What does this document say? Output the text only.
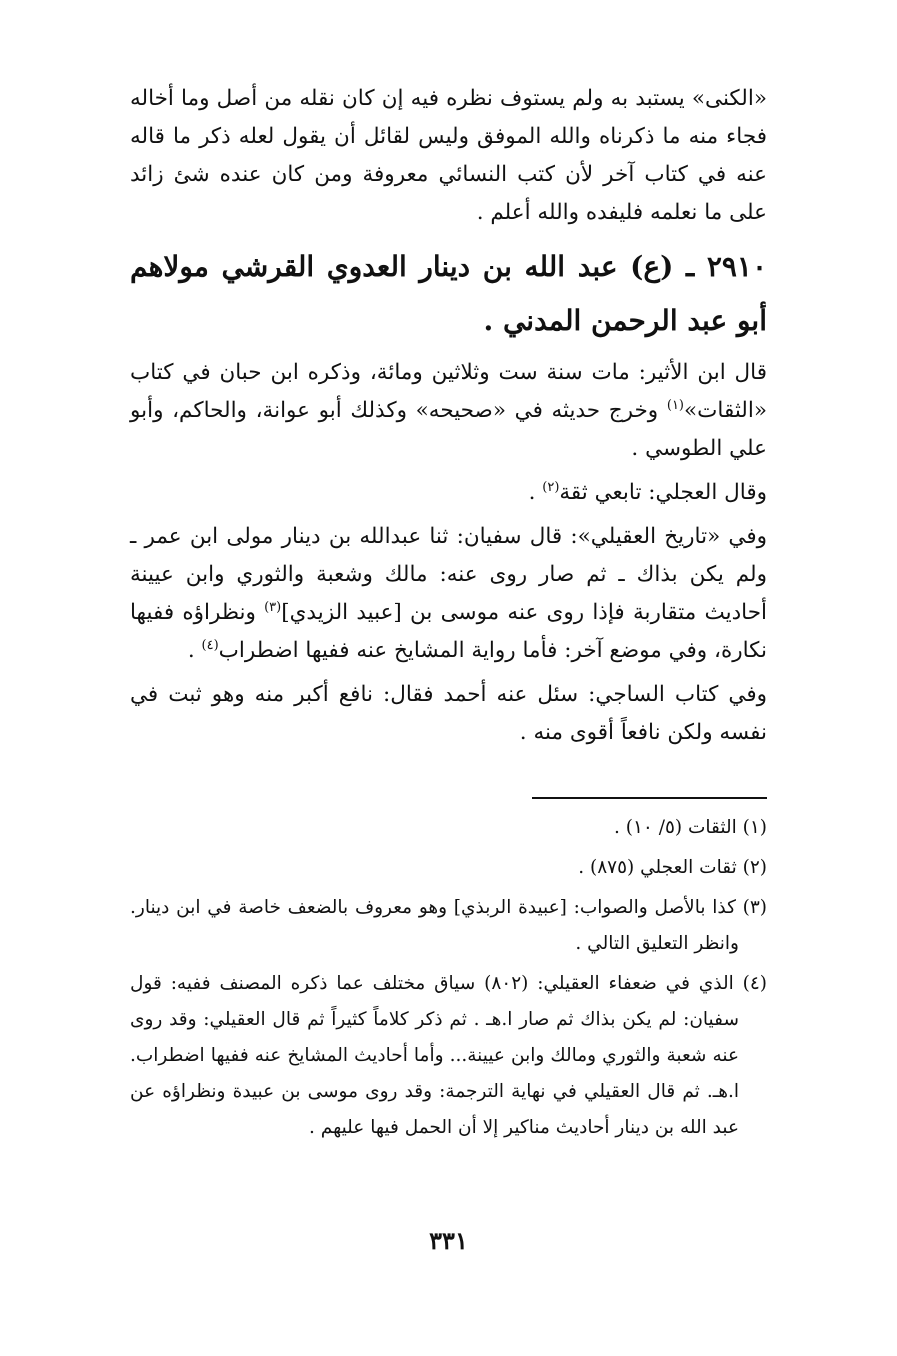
«الكنى» يستبد به ولم يستوف نظره فيه إن كان نقله من أصل وما أخاله فجاء منه ما ذكرناه والله الموفق وليس لقائل أن يقول لعله ذكر ما قاله عنه في كتاب آخر لأن كتب النسائي معروفة ومن كان عنده شئ زائد على ما نعلمه فليفده والله أعلم .

٢٩١٠ ـ (ع) عبد الله بن دينار العدوي القرشي مولاهم أبو عبد الرحمن المدني .

قال ابن الأثير: مات سنة ست وثلاثين ومائة، وذكره ابن حبان في كتاب «الثقات»$^{(١)}$ وخرج حديثه في «صحيحه» وكذلك أبو عوانة، والحاكم، وأبو علي الطوسي .

وقال العجلي: تابعي ثقة$^{(٢)}$ .

وفي «تاريخ العقيلي»: قال سفيان: ثنا عبدالله بن دينار مولى ابن عمر ـ ولم يكن بذاك ـ ثم صار روى عنه: مالك وشعبة والثوري وابن عيينة أحاديث متقاربة فإذا روى عنه موسى بن [عبيد الزيدي]$^{(٣)}$ ونظراؤه ففيها نكارة، وفي موضع آخر: فأما رواية المشايخ عنه ففيها اضطراب$^{(٤)}$ .

وفي كتاب الساجي: سئل عنه أحمد فقال: نافع أكبر منه وهو ثبت في نفسه ولكن نافعاً أقوى منه .

(١) الثقات (٥/ ١٠) .

(٢) ثقات العجلي (٨٧٥) .

(٣) كذا بالأصل والصواب: [عبيدة الربذي] وهو معروف بالضعف خاصة في ابن دينار. وانظر التعليق التالي .

(٤) الذي في ضعفاء العقيلي: (٨٠٢) سياق مختلف عما ذكره المصنف ففيه: قول سفيان: لم يكن بذاك ثم صار ا.هـ . ثم ذكر كلاماً كثيراً ثم قال العقيلي: وقد روى عنه شعبة والثوري ومالك وابن عيينة... وأما أحاديث المشايخ عنه ففيها اضطراب. ا.هـ. ثم قال العقيلي في نهاية الترجمة: وقد روى موسى بن عبيدة ونظراؤه عن عبد الله بن دينار أحاديث مناكير إلا أن الحمل فيها عليهم .

٣٣١
